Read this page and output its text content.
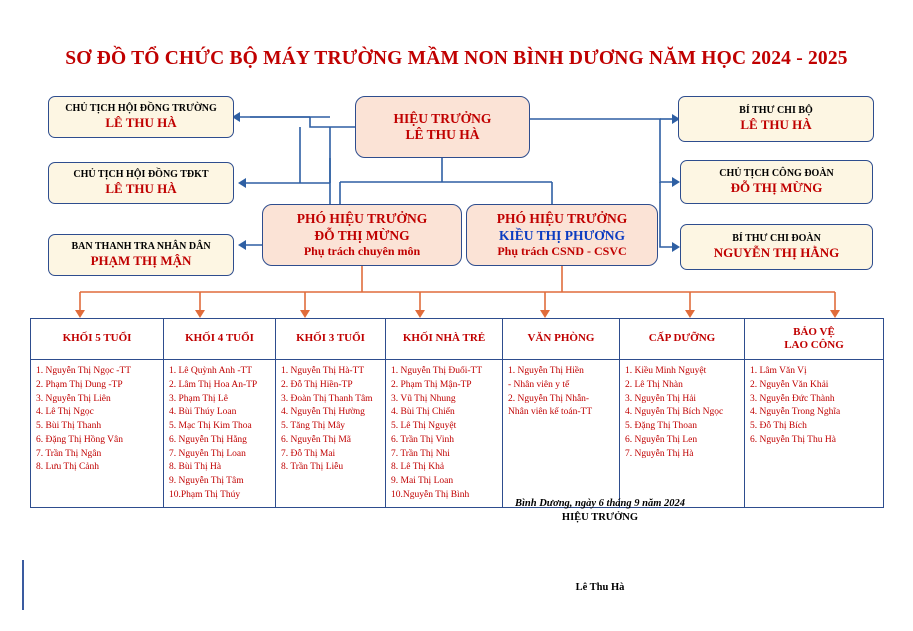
SƠ ĐỒ TỔ CHỨC BỘ MÁY TRƯỜNG MẦM NON BÌNH DƯƠNG NĂM HỌC 2024 - 2025
HIỆU TRƯỞNG
LÊ THU HÀ
CHỦ TỊCH HỘI ĐỒNG TRƯỜNG
LÊ THU HÀ
CHỦ TỊCH HỘI ĐỒNG TĐKT
LÊ THU HÀ
BAN THANH TRA NHÂN DÂN
PHẠM THỊ MẬN
BÍ THƯ CHI BỘ
LÊ THU HÀ
CHỦ TỊCH CÔNG ĐOÀN
ĐỖ THỊ MỪNG
BÍ THƯ CHI ĐOÀN
NGUYỄN THỊ HẰNG
PHÓ HIỆU TRƯỞNG
ĐỖ THỊ MỪNG
Phụ trách chuyên môn
PHÓ HIỆU TRƯỞNG
KIỀU THỊ PHƯƠNG
Phụ trách CSND - CSVC
KHỐI 5 TUỔI	KHỐI 4 TUỔI	KHỐI 3 TUỔI	KHỐI NHÀ TRẺ	VĂN PHÒNG	CẤP DƯỠNG	BẢO VỆ
LAO CÔNG

1. Nguyễn Thị Ngọc -TT
2. Phạm Thị Dung -TP
3. Nguyễn Thị Liên
4. Lê Thị Ngọc
5. Bùi Thị Thanh
6. Đặng Thị Hồng Vân
7. Trần Thị Ngân
8. Lưu Thị Cảnh

1. Lê Quỳnh Anh -TT
2. Lâm Thị Hoa An-TP
3. Phạm Thị Lê
4. Bùi Thúy Loan
5. Mạc Thị Kim Thoa
6. Nguyễn Thị Hằng
7. Nguyễn Thị Loan
8. Bùi Thị Hà
9. Nguyễn Thị Tâm
10.Phạm Thị Thúy

1. Nguyễn Thị Hà-TT
2. Đỗ Thị Hiền-TP
3. Đoàn Thị Thanh Tâm
4. Nguyễn Thị Hường
5. Tăng Thị Mây
6. Nguyễn Thị Mã
7. Đỗ Thị Mai
8. Trần Thị Liễu

1. Nguyễn Thị Đuổi-TT
2. Phạm Thị Mận-TP
3. Vũ Thị Nhung
4. Bùi Thị Chiến
5. Lê Thị Nguyệt
6. Trần Thị Vinh
7. Trần Thị Nhi
8. Lê Thị Khả
9. Mai Thị Loan
10.Nguyễn Thị Bình

1. Nguyễn Thị Hiền
- Nhân viên y tế
2. Nguyễn Thị Nhẫn-
Nhân viên kế toán-TT

1. Kiều Minh Nguyệt
2. Lê Thị Nhàn
3. Nguyễn Thị Hải
4. Nguyễn Thị Bích Ngọc
5. Đặng Thị Thoan
6. Nguyễn Thị Len
7. Nguyễn Thị Hà

1. Lâm Văn Vị
2. Nguyễn Văn Khải
3. Nguyễn Đức Thành
4. Nguyễn Trong Nghĩa
5. Đỗ Thị Bích
6. Nguyễn Thị Thu Hà
Bình Dương, ngày 6 tháng 9 năm 2024
HIỆU TRƯỞNG
Lê Thu Hà
